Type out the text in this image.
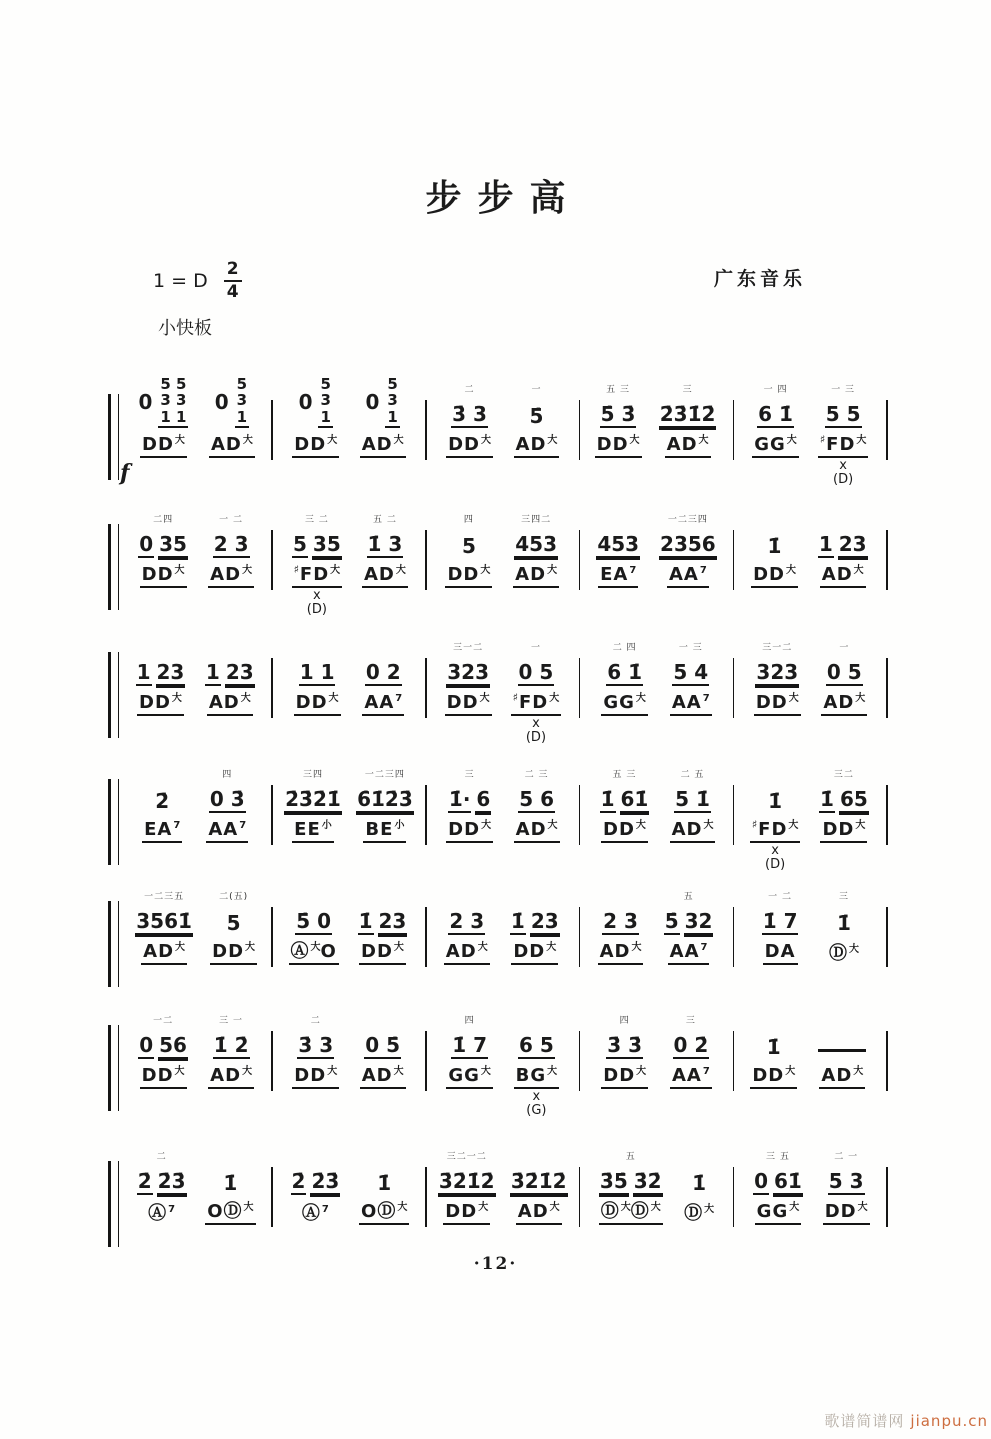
步步高
1 = D $\frac{2}{4}$	广东音乐
小快板
f
0
5 5
3 3
1 1
$DD^大$
0
5
3
1
$AD^大$
0
5
3
1
$DD^大$
0
5
3
1
$AD^大$
二
3̇ 3
$DD^大$
一
5̇
$AD^大$
五 三
5̇ 3̇
$DD^大$
三
2̇3̇1̇2̇
$AD^大$
一 四
6 1̇
$GG^大$
一 三
5 5
$^♯FD^大$
x
(D)
二四
0 35
$DD^大$
一 二
2 3
$AD^大$
三 二
5 35
$^♯FD^大$
x
(D)
五 二
1̇ 3
$AD^大$
四
5
$DD^大$
三四二
453
$AD^大$
453
$EA^7$
一二三四
2356
$AA^7$
1̇
$DD^大$
1 23
$AD^大$
1 23
$DD^大$
1 23
$AD^大$
1 1
$DD^大$
0 2
$AA^7$
三一二
323
$DD^大$
一
0 5
$^♯FD^大$
x
(D)
二 四
6 1̇
$GG^大$
一 三
5 4
$AA^7$
三一二
323
$DD^大$
一
0 5
$AD^大$
2̇
$EA^7$
四
0 3̇
$AA^7$
三四
2̇3̇2̇1̇
$EE^小$
一二三四
6̇1̇2̇3̇
$BE^小$
三
1̇· 6
$DD^大$
二 三
5 6
$AD^大$
五 三
1̇ 61̇
$DD^大$
二 五
5 1̇
$AD^大$
1̇
$^♯FD^大$
x
(D)
三二
1̇ 65
$DD^大$
一二三五
3561̇
$AD^大$
二(五)
5
$DD^大$
5̇ 0
Ⓐ$^大$O
1̇ 23
$DD^大$
2 3
$AD^大$
1̇ 23
$DD^大$
2 3
$AD^大$
五
5̇ 32
$AA^7$
一 二
1̇ 7
DA
三
1̇
Ⓓ$^大$
一二
0 56
$DD^大$
三 一
1̇ 2̇
$AD^大$
二
3̇ 3
$DD^大$
0 5̇
$AD^大$
四
1̇ 7
$GG^大$
6 5
$BG^大$
x
(G)
四
3̇ 3̇
$DD^大$
三
0 2̇
$AA^7$
1̇
$DD^大$ $AD^大$
二
2̇ 2̇3̇
Ⓐ$^7$
1̇
OⒹ$^大$
2̇ 2̇3̇
Ⓐ$^7$
1̇
OⒹ$^大$
三二一二
3̇2̇1̇2̇
$DD^大$
3̇2̇1̇2̇
$AD^大$
五
3̇5̇ 3̇2̇
Ⓓ$^大$Ⓓ$^大$
1̇
Ⓓ$^大$
三 五
0 61̇
$GG^大$
二 一
5 3
$DD^大$
·12·
歌谱简谱网 jianpu.cn
